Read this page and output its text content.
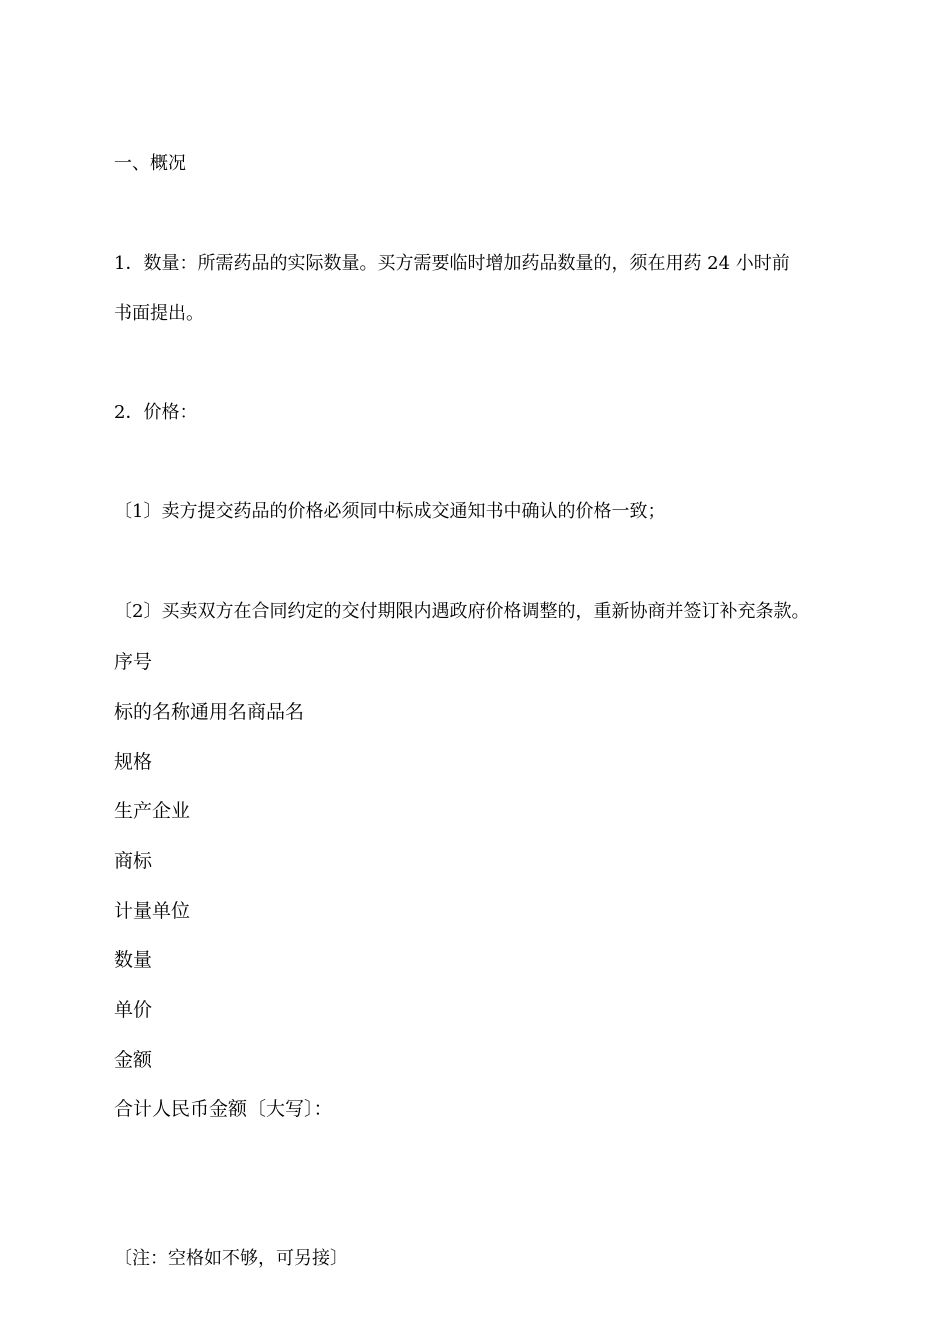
一、概况

1．数量：所需药品的实际数量。买方需要临时增加药品数量的，须在用药 24 小时前

书面提出。

2．价格：

〔1〕卖方提交药品的价格必须同中标成交通知书中确认的价格一致；

〔2〕买卖双方在合同约定的交付期限内遇政府价格调整的，重新协商并签订补充条款。

序号

标的名称通用名商品名

规格

生产企业

商标

计量单位

数量

单价

金额

合计人民币金额〔大写〕：

〔注：空格如不够，可另接〕
